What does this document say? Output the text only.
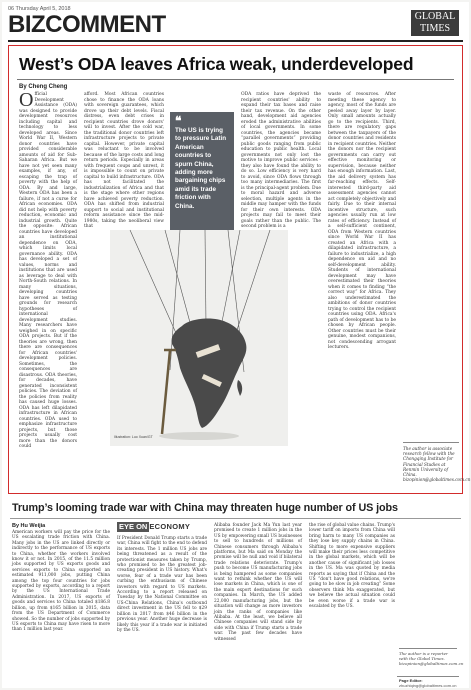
06 Thursday April 5, 2018
BIZCOMMENT	GLOBAL
TIMES
West’s ODA leaves Africa weak, underdeveloped
By Cheng Cheng
Official Development Assistance (ODA) was designed to provide development resources including capital and technology to less developed areas. Since World War II, Western donor countries have provided considerable amounts of aid for Sub-Saharan Africa. But we have not yet seen many examples, if any, of escaping the trap of poverty with the help of ODA. By and large, Western ODA has been a failure, if not a curse for African economies. ODA did not help with poverty reduction, economic and industrial growth. Quite the opposite: African countries have developed an institutional dependence on ODA, which limits local governance ability. ODA has developed a set of values, norms and institutions that are used as leverage to deal with North-South relations. In many situations, developing countries have served as testing grounds for research hypotheses of international development studies. Many researchers have weighed in on specific ODA projects. But if the theories are wrong, then there are consequences for African countries' development policies. Sometimes, the consequences are disastrous. ODA theories, for decades, have generated inconsistent policies. The deviation of the policies from reality has caused huge losses. ODA has left dilapidated infrastructure in African countries. ODA used to emphasize infrastructure projects, but those projects usually cost more than the donors could
afford. Most African countries chose to finance the ODA loans with sovereign guarantees, which drove up their debt levels. Fiscal distress, even debt crises in recipient countries drove donors' will to invest. After the cold war, the traditional donor countries left infrastructure projects to private capital. However, private capital was reluctant to be involved because of the large costs and long return periods. Especially in areas with frequent coups and unrest, it is impossible to count on private capital to build infrastructure. ODA has not facilitated the industrialization of Africa and that is the stage where other regions have achieved poverty reduction. ODA has shifted from industrial support to social and institutional reform assistance since the mid-1980s, taking the neoliberal view that
❝
The US is trying to pressure Latin American countries to spurn China, adding more bargaining chips amid its trade friction with China.
ODA ratios have deprived the recipient countries' ability to expand their tax bases and raise their tax revenue. On the other hand, development aid agencies eroded the administrative abilities of local governments. In some countries, the agencies became “parallel governments” providing public goods ranging from public education to public health. Local governments not only lost the motive to improve public services - they also have found the ability to do so. Low efficiency is very hard to avoid, since ODA flows through too many intermediaries. The first is the principal-agent problem. Due to moral hazard and adverse selection, multiple agents in the middle may hamper with the funds for their own interests. ODA projects may fail to meet their goals rather than the public. The second problem is a
waste of resources. After meeting these agency to agency, most of the funds are peeled away layer by layer. Only small amounts actually go to the recipients. Third, there are regulatory gaps between the taxpayers of the donor countries and residents in recipient countries. Neither the donors nor the recipient governments can carry out effective monitoring or supervision, because neither has enough information. Last, the aid delivery system has far-reaching effects. Self-interested third-party aid assessment agencies cannot act completely objectively and fairly. Due to their internal incentive structure, such agencies usually run at low rates of efficiency. Instead of a self-sufficient continent, ODA from Western countries since World War II has created an Africa with a dilapidated infrastructure, a failure to industrialize, a high dependence on aid and no self-development ability. Students of international development may have overestimated their theories when it comes to finding “the correct way” for Africa. They also underestimated the ambitions of donor countries trying to control the recipient countries using ODA. Africa's path of development has to be chosen by African people. Other countries must be their genuine, modest companions, not condescending arrogant lecturers.
The author is associate research fellow with the Chongqing Institute for Financial Studies at Renmin University of China. bizopinion@globaltimes.com.cn
Illustration: Luo Xuan/GT
Trump’s looming trade war with China may threaten huge number of US jobs
By Hu Weijia
American workers will pay the price for the US escalating trade friction with China. Many jobs in the US are linked directly or indirectly to the performance of US exports to China, whether the workers involved know it or not. In 2015, of the 11.5 million jobs supported by US exports goods and services exports to China supported an estimated 911,000 jobs, putting China among the top four countries for jobs supported by exports, according to a report by the US International Trade Administration. In 2017, US exports of goods and services to China totaled $186.8 billion, up from $165 billion in 2015, data from the US Department of Commerce showed. So the number of jobs supported by US exports to China may have risen to more than 1 million last year.
EYE ON ECONOMY
If President Donald Trump starts a trade war, China will fight to the end to defend its interests. The 1 million US jobs are being threatened as a result of the protectionist measures taken by Trump, who promised to be the greatest job-creating president in US history. What's worse, fear of a trade war has been curbing the enthusiasm of Chinese investors with regard to US markets. According to a report released on Tuesday by the National Committee on US-China Relations, China's outbound direct investment in the US fell to $29 billion in 2017 from $46 billion in the previous year. Another huge decrease is likely this year if a trade war is initiated by the US.
Alibaba founder Jack Ma Yun last year promised to create 1 million jobs in the US by empowering small US businesses to sell to hundreds of millions of Chinese consumers through Alibaba's platforms, but Ma said on Monday the promise will be null and void if bilateral trade relations deteriorate. Trump's push to become US manufacturing jobs is being hampered as some companies want to rethink whether the US will lose markets in China, which is one of the main export destinations for such companies. In March, the US added 22,000 manufacturing jobs, but the situation will change as more investors join the ranks of companies like Alibaba. At the least, we believe all Chinese companies will stand side by side with China if Trump starts a trade war. The past few decades have witnessed
the rise of global value chains. Trump's lower tariff on imports from China will bring harm to many US companies as they lose key supply chains in China. Shifting to more expensive suppliers will make their prices less competitive in the global markets, which will be another cause of significant job losses in the US. Ma was quoted by media reports as saying that if China and the US “don't have good relations, we're going to be slow in job creating” Some observers think Ma exaggerated, but we believe the actual situation could be even worse if a trade war is escalated by the US.
The author is a reporter with the Global Times. bizopinion@globaltimes.com.cn
Page Editor:
zhuzhiqing@globaltimes.com.cn
